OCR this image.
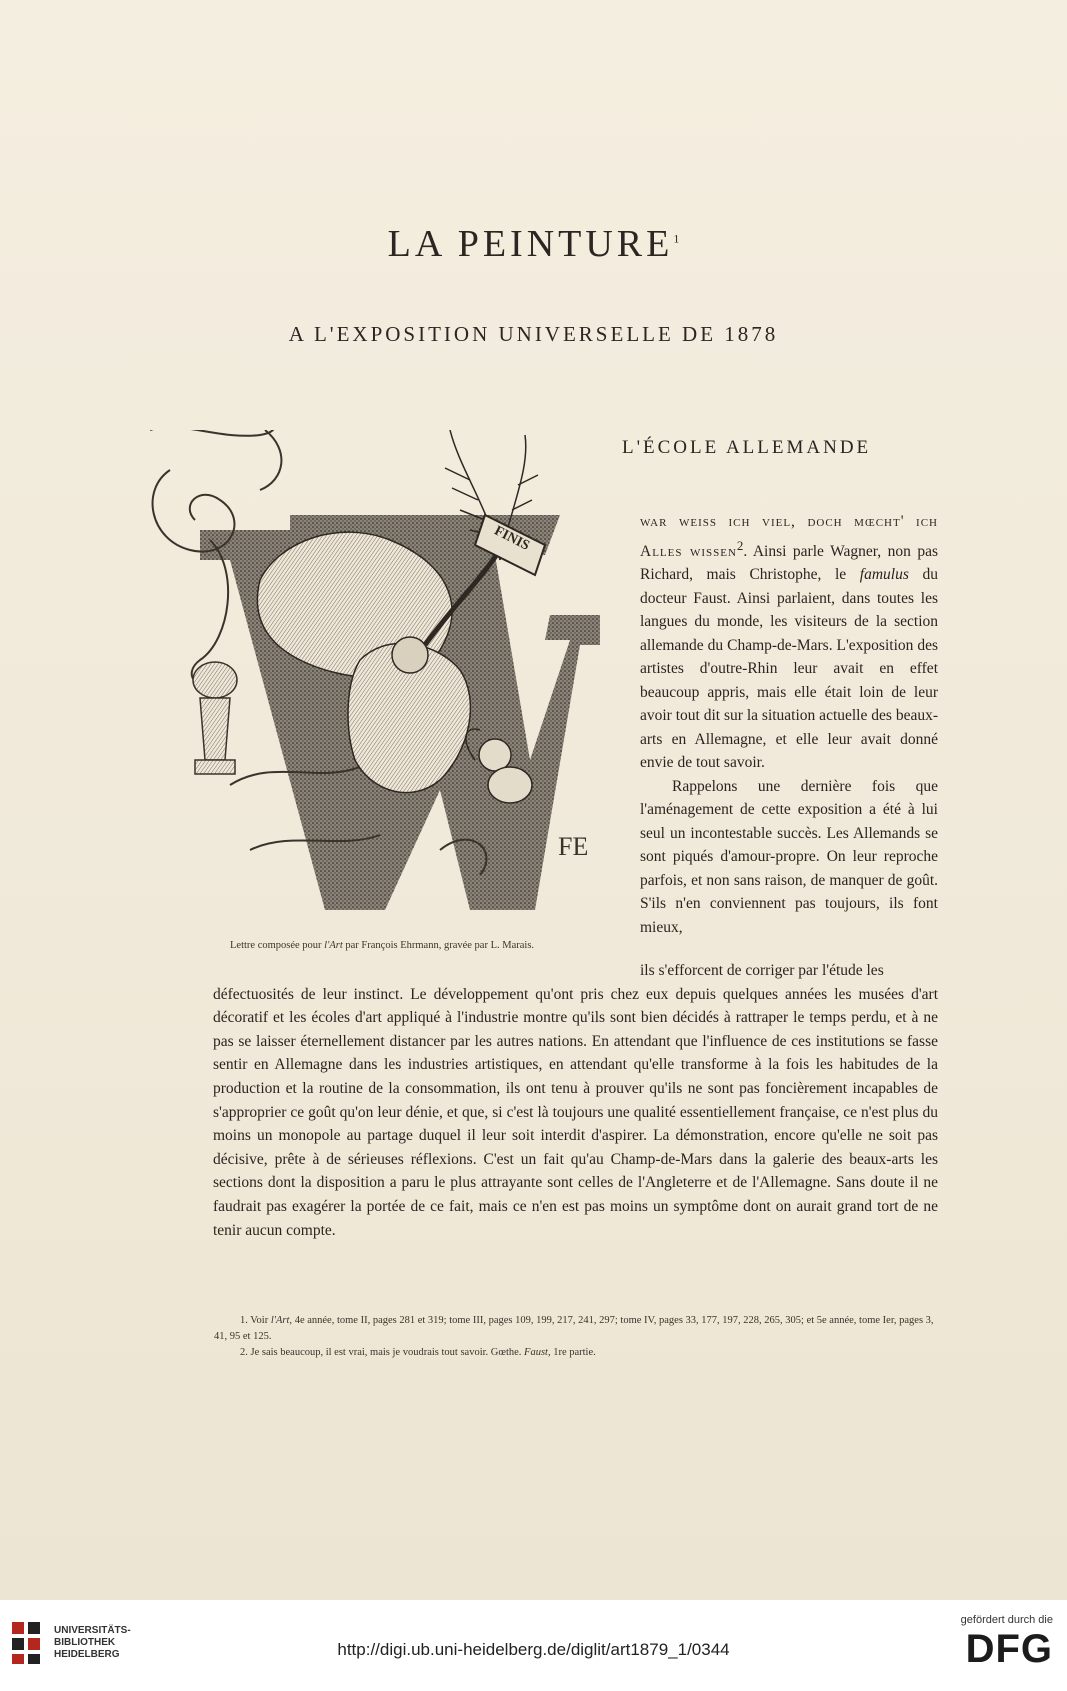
LA PEINTURE$^1$
A L'EXPOSITION UNIVERSELLE DE 1878
L'ÉCOLE ALLEMANDE
FINIS
FE
Lettre composée pour l'Art par François Ehrmann, gravée par L. Marais.

war weiss ich viel, doch mœcht' ich Alles wissen$^2$. Ainsi parle Wagner, non pas Richard, mais Christophe, le famulus du docteur Faust. Ainsi parlaient, dans toutes les langues du monde, les visiteurs de la section allemande du Champ-de-Mars. L'exposition des artistes d'outre-Rhin leur avait en effet beaucoup appris, mais elle était loin de leur avoir tout dit sur la situation actuelle des beaux-arts en Allemagne, et elle leur avait donné envie de tout savoir.

Rappelons une dernière fois que l'aménagement de cette exposition a été à lui seul un incontestable succès. Les Allemands se sont piqués d'amour-propre. On leur reproche parfois, et non sans raison, de manquer de goût. S'ils n'en conviennent pas toujours, ils font mieux,

ils s'efforcent de corriger par l'étude les
défectuosités de leur instinct. Le développement qu'ont pris chez eux depuis quelques années les musées d'art décoratif et les écoles d'art appliqué à l'industrie montre qu'ils sont bien décidés à rattraper le temps perdu, et à ne pas se laisser éternellement distancer par les autres nations. En attendant que l'influence de ces institutions se fasse sentir en Allemagne dans les industries artistiques, en attendant qu'elle transforme à la fois les habitudes de la production et la routine de la consommation, ils ont tenu à prouver qu'ils ne sont pas foncièrement incapables de s'approprier ce goût qu'on leur dénie, et que, si c'est là toujours une qualité essentiellement française, ce n'est plus du moins un monopole au partage duquel il leur soit interdit d'aspirer. La démonstration, encore qu'elle ne soit pas décisive, prête à de sérieuses réflexions. C'est un fait qu'au Champ-de-Mars dans la galerie des beaux-arts les sections dont la disposition a paru le plus attrayante sont celles de l'Angleterre et de l'Allemagne. Sans doute il ne faudrait pas exagérer la portée de ce fait, mais ce n'en est pas moins un symptôme dont on aurait grand tort de ne tenir aucun compte.

1. Voir l'Art, 4e année, tome II, pages 281 et 319; tome III, pages 109, 199, 217, 241, 297; tome IV, pages 33, 177, 197, 228, 265, 305; et 5e année, tome Ier, pages 3, 41, 95 et 125.

2. Je sais beaucoup, il est vrai, mais je voudrais tout savoir. Gœthe. Faust, 1re partie.

UNIVERSITÄTS-
BIBLIOTHEK
HEIDELBERG	http://digi.ub.uni-heidelberg.de/diglit/art1879_1/0344
gefördert durch die
DFG
